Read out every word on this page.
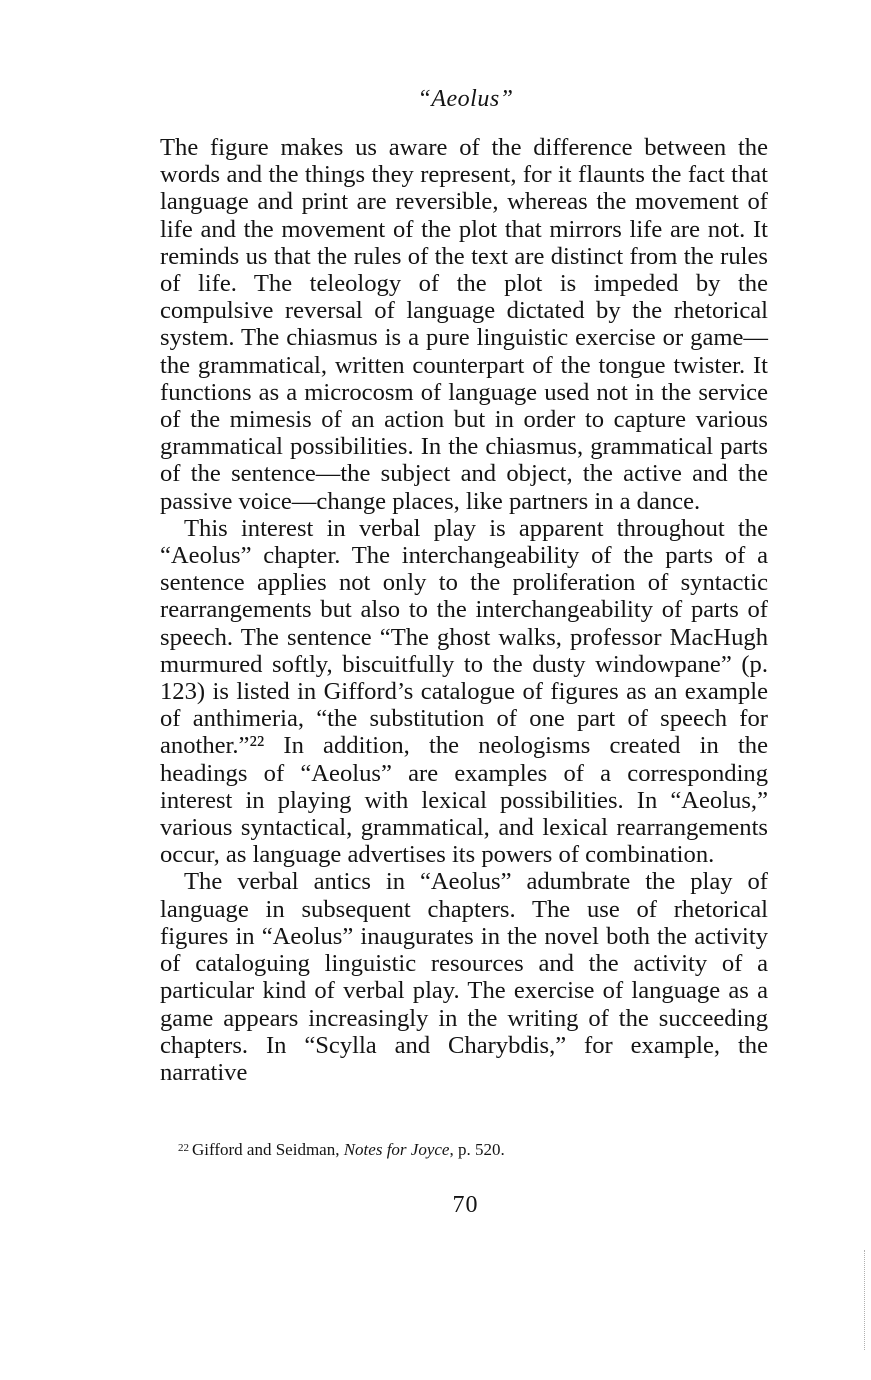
“Aeolus”

The figure makes us aware of the difference between the words and the things they represent, for it flaunts the fact that language and print are reversible, whereas the movement of life and the movement of the plot that mirrors life are not. It reminds us that the rules of the text are distinct from the rules of life. The teleology of the plot is impeded by the compulsive reversal of language dictated by the rhetorical system. The chiasmus is a pure linguistic exercise or game—the grammatical, written counterpart of the tongue twister. It functions as a microcosm of language used not in the service of the mimesis of an action but in order to capture various grammatical possibilities. In the chiasmus, grammatical parts of the sentence—the subject and object, the active and the passive voice—change places, like partners in a dance.

This interest in verbal play is apparent throughout the “Aeolus” chapter. The interchangeability of the parts of a sentence applies not only to the proliferation of syntactic rearrangements but also to the interchangeability of parts of speech. The sentence “The ghost walks, professor MacHugh murmured softly, biscuitfully to the dusty windowpane” (p. 123) is listed in Gifford’s catalogue of figures as an example of anthimeria, “the substitution of one part of speech for another.”²² In addition, the neologisms created in the headings of “Aeolus” are examples of a corresponding interest in playing with lexical possibilities. In “Aeolus,” various syntactical, grammatical, and lexical rearrangements occur, as language advertises its powers of combination.

The verbal antics in “Aeolus” adumbrate the play of language in subsequent chapters. The use of rhetorical figures in “Aeolus” inaugurates in the novel both the activity of cataloguing linguistic resources and the activity of a particular kind of verbal play. The exercise of language as a game appears increasingly in the writing of the succeeding chapters. In “Scylla and Charybdis,” for example, the narrative

$^{22}$ Gifford and Seidman, Notes for Joyce, p. 520.
70
